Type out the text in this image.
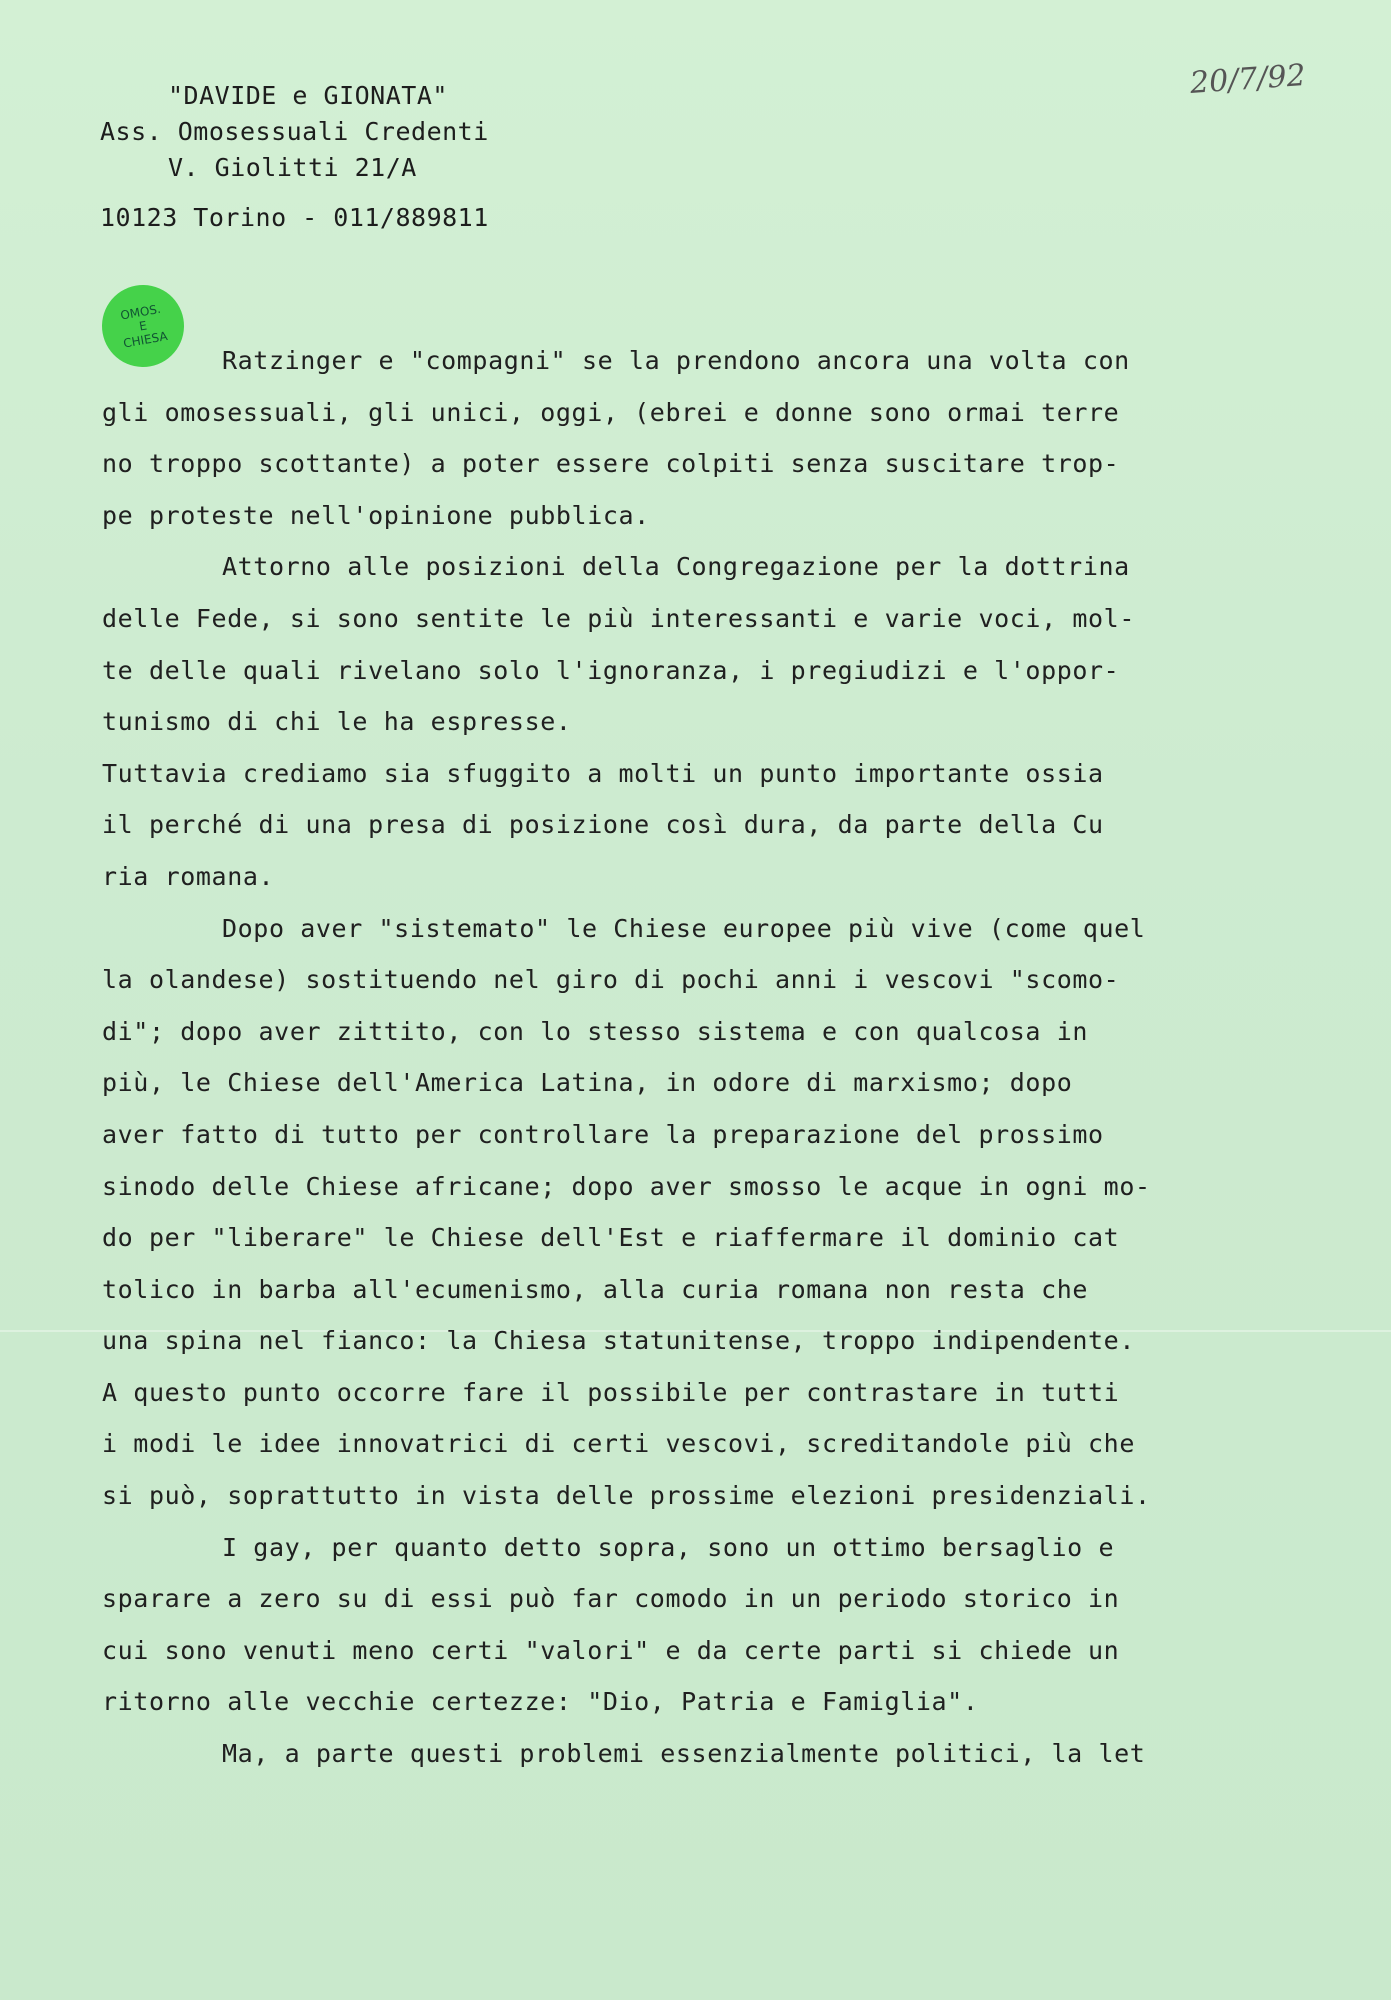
"DAVIDE e GIONATA"
Ass. Omosessuali Credenti
V. Giolitti 21/A
10123 Torino - 011/889811
20/7/92
OMOS.
E
CHIESA
Ratzinger e "compagni" se la prendono ancora una volta con
gli omosessuali, gli unici, oggi, (ebrei e donne sono ormai terre
no troppo scottante) a poter essere colpiti senza suscitare trop-
pe proteste nell'opinione pubblica.
Attorno alle posizioni della Congregazione per la dottrina
delle Fede, si sono sentite le più interessanti e varie voci, mol-
te delle quali rivelano solo l'ignoranza, i pregiudizi e l'oppor-
tunismo di chi le ha espresse.
Tuttavia crediamo sia sfuggito a molti un punto importante ossia
il perché di una presa di posizione così dura, da parte della Cu
ria romana.
Dopo aver "sistemato" le Chiese europee più vive (come quel
la olandese) sostituendo nel giro di pochi anni i vescovi "scomo-
di"; dopo aver zittito, con lo stesso sistema e con qualcosa in
più, le Chiese dell'America Latina, in odore di marxismo; dopo
aver fatto di tutto per controllare la preparazione del prossimo
sinodo delle Chiese africane; dopo aver smosso le acque in ogni mo-
do per "liberare" le Chiese dell'Est e riaffermare il dominio cat
tolico in barba all'ecumenismo, alla curia romana non resta che
una spina nel fianco: la Chiesa statunitense, troppo indipendente.
A questo punto occorre fare il possibile per contrastare in tutti
i modi le idee innovatrici di certi vescovi, screditandole più che
si può, soprattutto in vista delle prossime elezioni presidenziali.
I gay, per quanto detto sopra, sono un ottimo bersaglio e
sparare a zero su di essi può far comodo in un periodo storico in
cui sono venuti meno certi "valori" e da certe parti si chiede un
ritorno alle vecchie certezze: "Dio, Patria e Famiglia".
Ma, a parte questi problemi essenzialmente politici, la let
